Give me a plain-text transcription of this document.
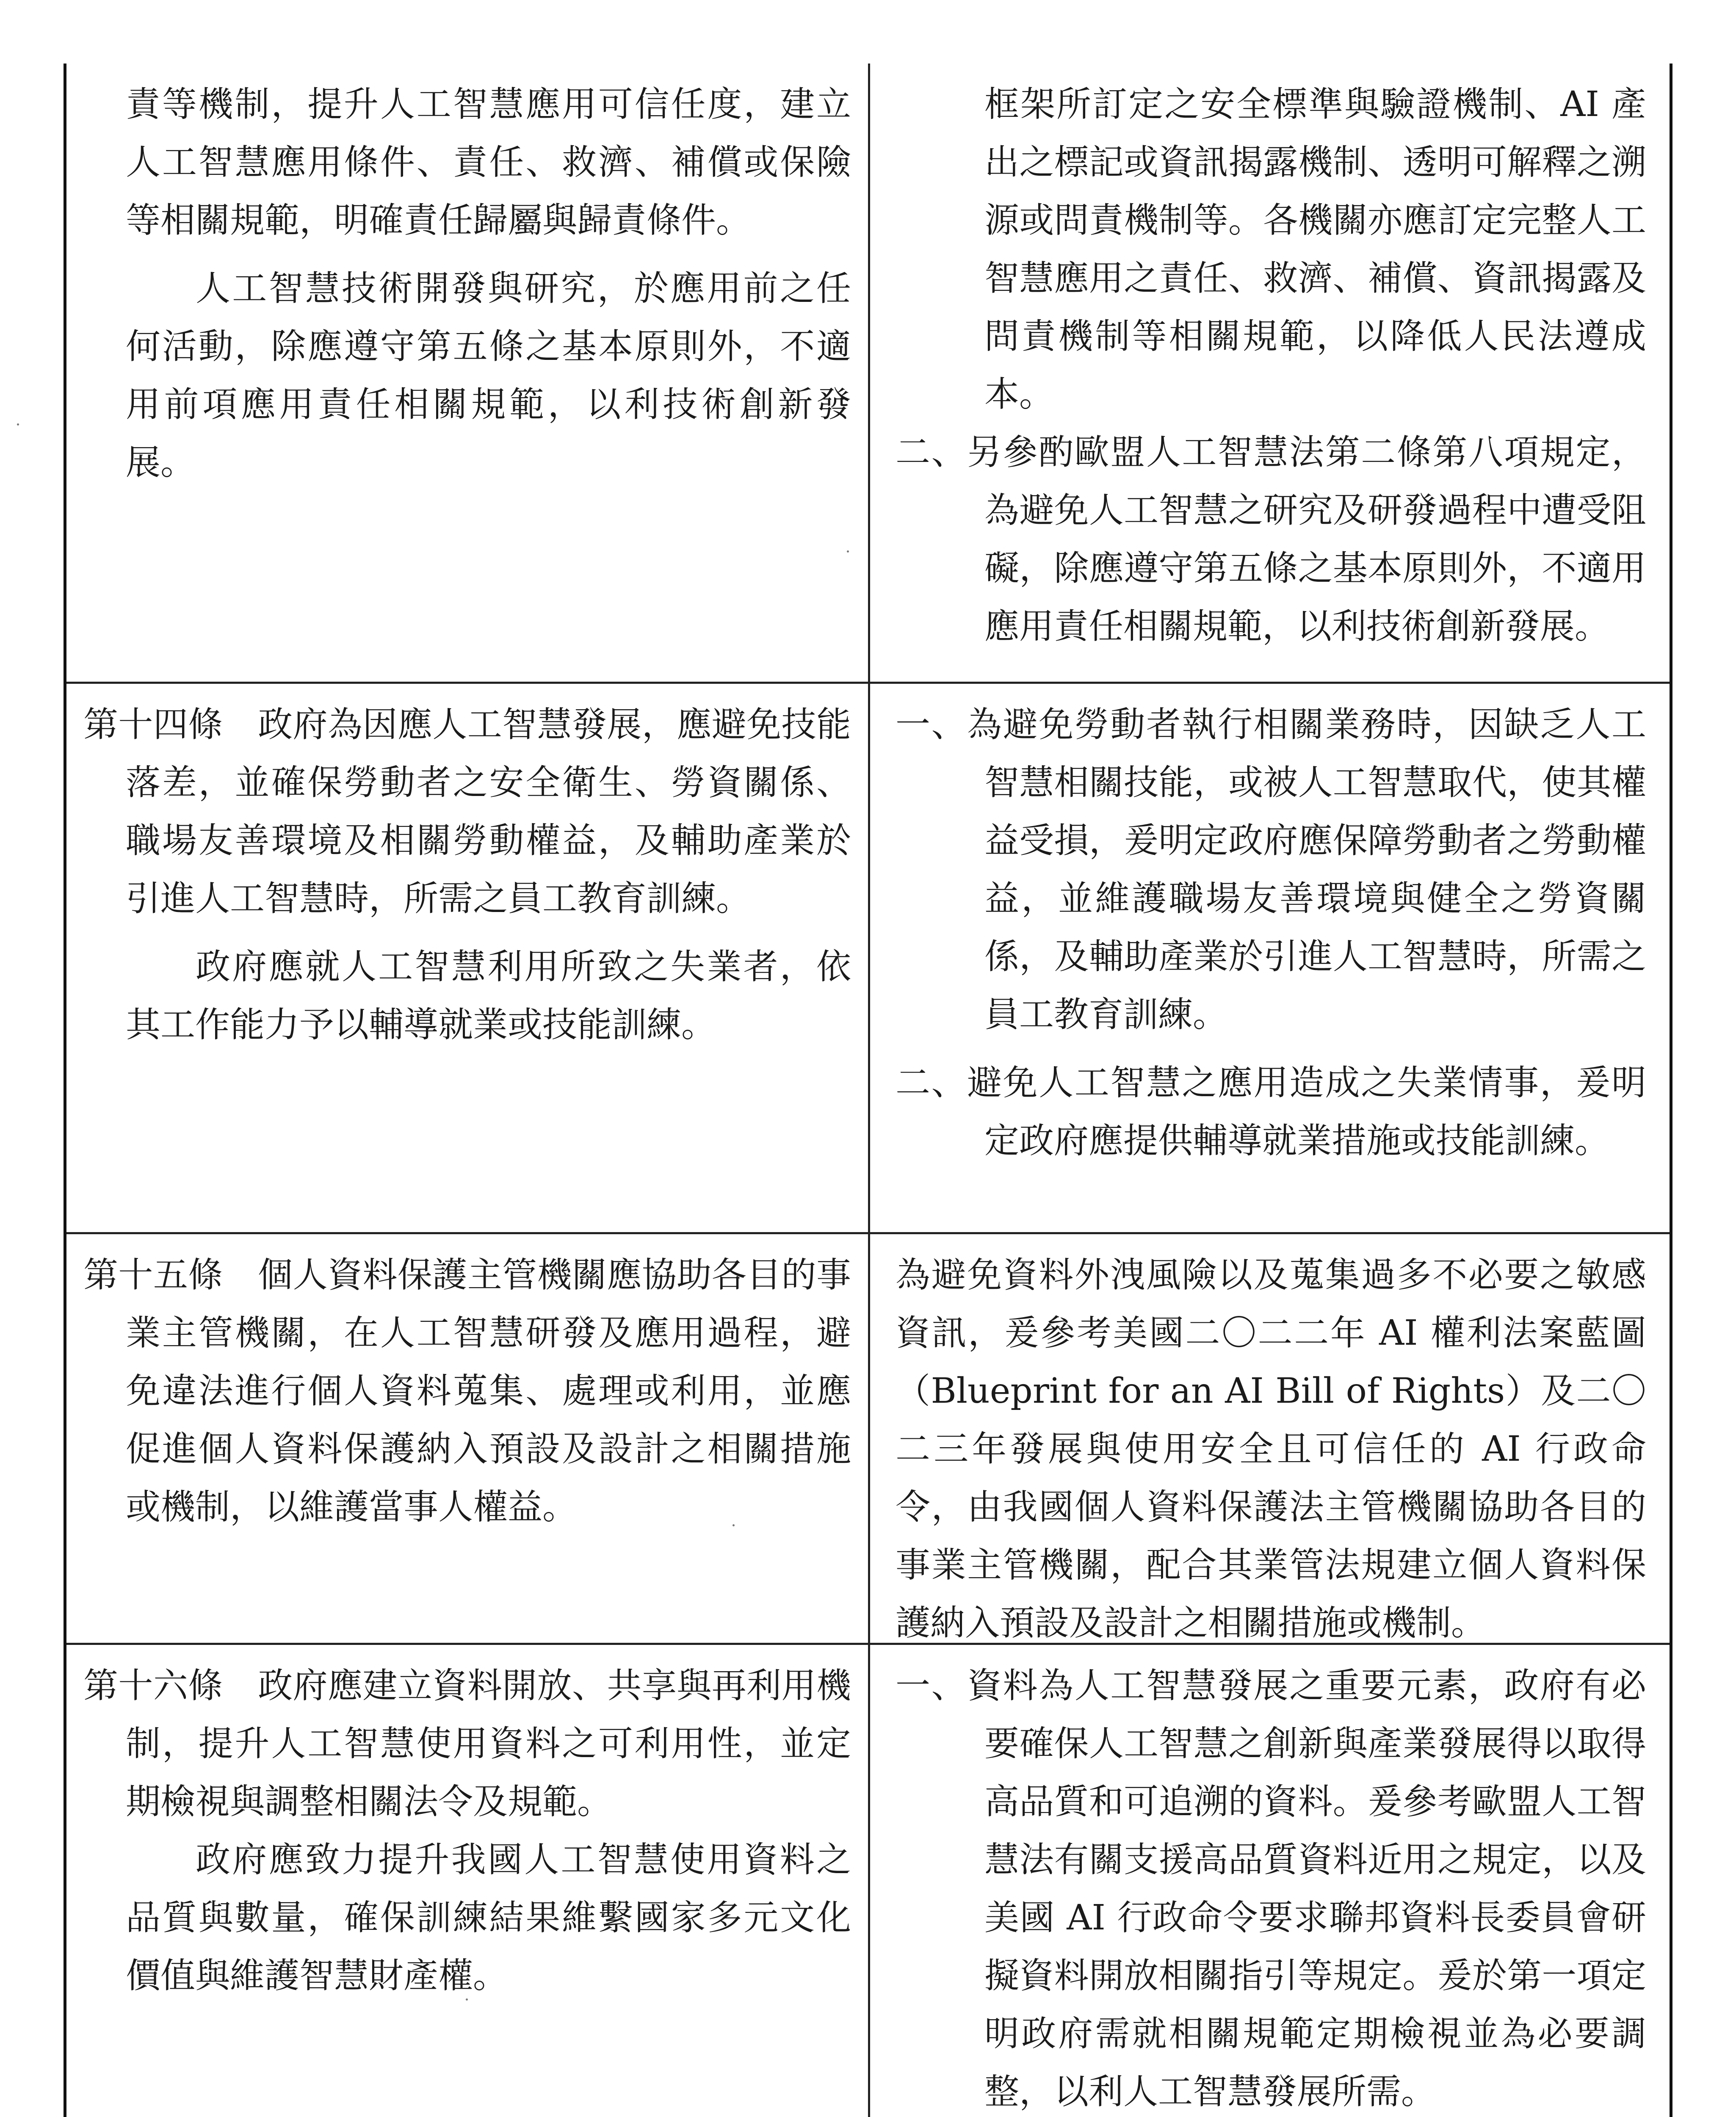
責等機制，提升人工智慧應用可信任度，建立人工智慧應用條件、責任、救濟、補償或保險等相關規範，明確責任歸屬與歸責條件。

人工智慧技術開發與研究，於應用前之任何活動，除應遵守第五條之基本原則外，不適用前項應用責任相關規範，以利技術創新發展。

框架所訂定之安全標準與驗證機制、AI 產出之標記或資訊揭露機制、透明可解釋之溯源或問責機制等。各機關亦應訂定完整人工智慧應用之責任、救濟、補償、資訊揭露及問責機制等相關規範，以降低人民法遵成本。

二、另參酌歐盟人工智慧法第二條第八項規定，為避免人工智慧之研究及研發過程中遭受阻礙，除應遵守第五條之基本原則外，不適用應用責任相關規範，以利技術創新發展。

第十四條　政府為因應人工智慧發展，應避免技能落差，並確保勞動者之安全衛生、勞資關係、職場友善環境及相關勞動權益，及輔助產業於引進人工智慧時，所需之員工教育訓練。

政府應就人工智慧利用所致之失業者，依其工作能力予以輔導就業或技能訓練。

一、為避免勞動者執行相關業務時，因缺乏人工智慧相關技能，或被人工智慧取代，使其權益受損，爰明定政府應保障勞動者之勞動權益，並維護職場友善環境與健全之勞資關係，及輔助產業於引進人工智慧時，所需之員工教育訓練。

二、避免人工智慧之應用造成之失業情事，爰明定政府應提供輔導就業措施或技能訓練。

第十五條　個人資料保護主管機關應協助各目的事業主管機關，在人工智慧研發及應用過程，避免違法進行個人資料蒐集、處理或利用，並應促進個人資料保護納入預設及設計之相關措施或機制，以維護當事人權益。

為避免資料外洩風險以及蒐集過多不必要之敏感資訊，爰參考美國二〇二二年 AI 權利法案藍圖（Blueprint for an AI Bill of Rights）及二〇二三年發展與使用安全且可信任的 AI 行政命令，由我國個人資料保護法主管機關協助各目的事業主管機關，配合其業管法規建立個人資料保護納入預設及設計之相關措施或機制。

第十六條　政府應建立資料開放、共享與再利用機制，提升人工智慧使用資料之可利用性，並定期檢視與調整相關法令及規範。

政府應致力提升我國人工智慧使用資料之品質與數量，確保訓練結果維繫國家多元文化價值與維護智慧財產權。

一、資料為人工智慧發展之重要元素，政府有必要確保人工智慧之創新與產業發展得以取得高品質和可追溯的資料。爰參考歐盟人工智慧法有關支援高品質資料近用之規定，以及美國 AI 行政命令要求聯邦資料長委員會研擬資料開放相關指引等規定。爰於第一項定明政府需就相關規範定期檢視並為必要調整，以利人工智慧發展所需。
